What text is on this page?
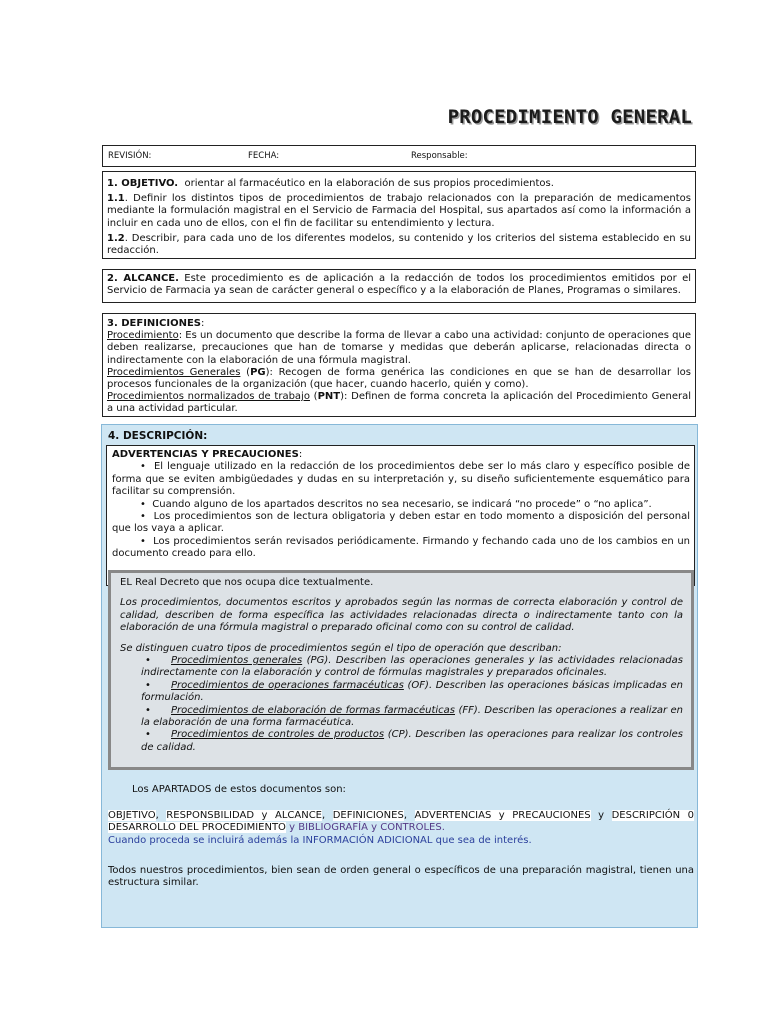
PROCEDIMIENTO GENERAL
REVISIÓN:	FECHA:	Responsable:

1. OBJETIVO. orientar al farmacéutico en la elaboración de sus propios procedimientos.

1.1. Definir los distintos tipos de procedimientos de trabajo relacionados con la preparación de medicamentos mediante la formulación magistral en el Servicio de Farmacia del Hospital, sus apartados así como la información a incluir en cada uno de ellos, con el fin de facilitar su entendimiento y lectura.

1.2. Describir, para cada uno de los diferentes modelos, su contenido y los criterios del sistema establecido en su redacción.

2. ALCANCE. Este procedimiento es de aplicación a la redacción de todos los procedimientos emitidos por el Servicio de Farmacia ya sean de carácter general o específico y a la elaboración de Planes, Programas o similares.

3. DEFINICIONES:

Procedimiento: Es un documento que describe la forma de llevar a cabo una actividad: conjunto de operaciones que deben realizarse, precauciones que han de tomarse y medidas que deberán aplicarse, relacionadas directa o indirectamente con la elaboración de una fórmula magistral.

Procedimientos Generales (PG): Recogen de forma genérica las condiciones en que se han de desarrollar los procesos funcionales de la organización (que hacer, cuando hacerlo, quién y como).

Procedimientos normalizados de trabajo (PNT): Definen de forma concreta la aplicación del Procedimiento General a una actividad particular.

4. DESCRIPCIÓN:

ADVERTENCIAS Y PRECAUCIONES:

• El lenguaje utilizado en la redacción de los procedimientos debe ser lo más claro y específico posible de forma que se eviten ambigüedades y dudas en su interpretación y, su diseño suficientemente esquemático para facilitar su comprensión.

• Cuando alguno de los apartados descritos no sea necesario, se indicará “no procede” o “no aplica”.

• Los procedimientos son de lectura obligatoria y deben estar en todo momento a disposición del personal que los vaya a aplicar.

• Los procedimientos serán revisados periódicamente. Firmando y fechando cada uno de los cambios en un documento creado para ello.

EL Real Decreto que nos ocupa dice textualmente.

Los procedimientos, documentos escritos y aprobados según las normas de correcta elaboración y control de calidad, describen de forma específica las actividades relacionadas directa o indirectamente tanto con la elaboración de una fórmula magistral o preparado oficinal como con su control de calidad.

Se distinguen cuatro tipos de procedimientos según el tipo de operación que describan:

• Procedimientos generales (PG). Describen las operaciones generales y las actividades relacionadas indirectamente con la elaboración y control de fórmulas magistrales y preparados oficinales.
• Procedimientos de operaciones farmacéuticas (OF). Describen las operaciones básicas implicadas en formulación.
• Procedimientos de elaboración de formas farmacéuticas (FF). Describen las operaciones a realizar en la elaboración de una forma farmacéutica.
• Procedimientos de controles de productos (CP). Describen las operaciones para realizar los controles de calidad.
Los APARTADOS de estos documentos son:
OBJETIVO, RESPONSBILIDAD y ALCANCE, DEFINICIONES, ADVERTENCIAS y PRECAUCIONES y DESCRIPCIÓN 0 DESARROLLO DEL PROCEDIMIENTO y BIBLIOGRAFÍA y CONTROLES.
Cuando proceda se incluirá además la INFORMACIÓN ADICIONAL que sea de interés.
Todos nuestros procedimientos, bien sean de orden general o específicos de una preparación magistral, tienen una estructura similar.
